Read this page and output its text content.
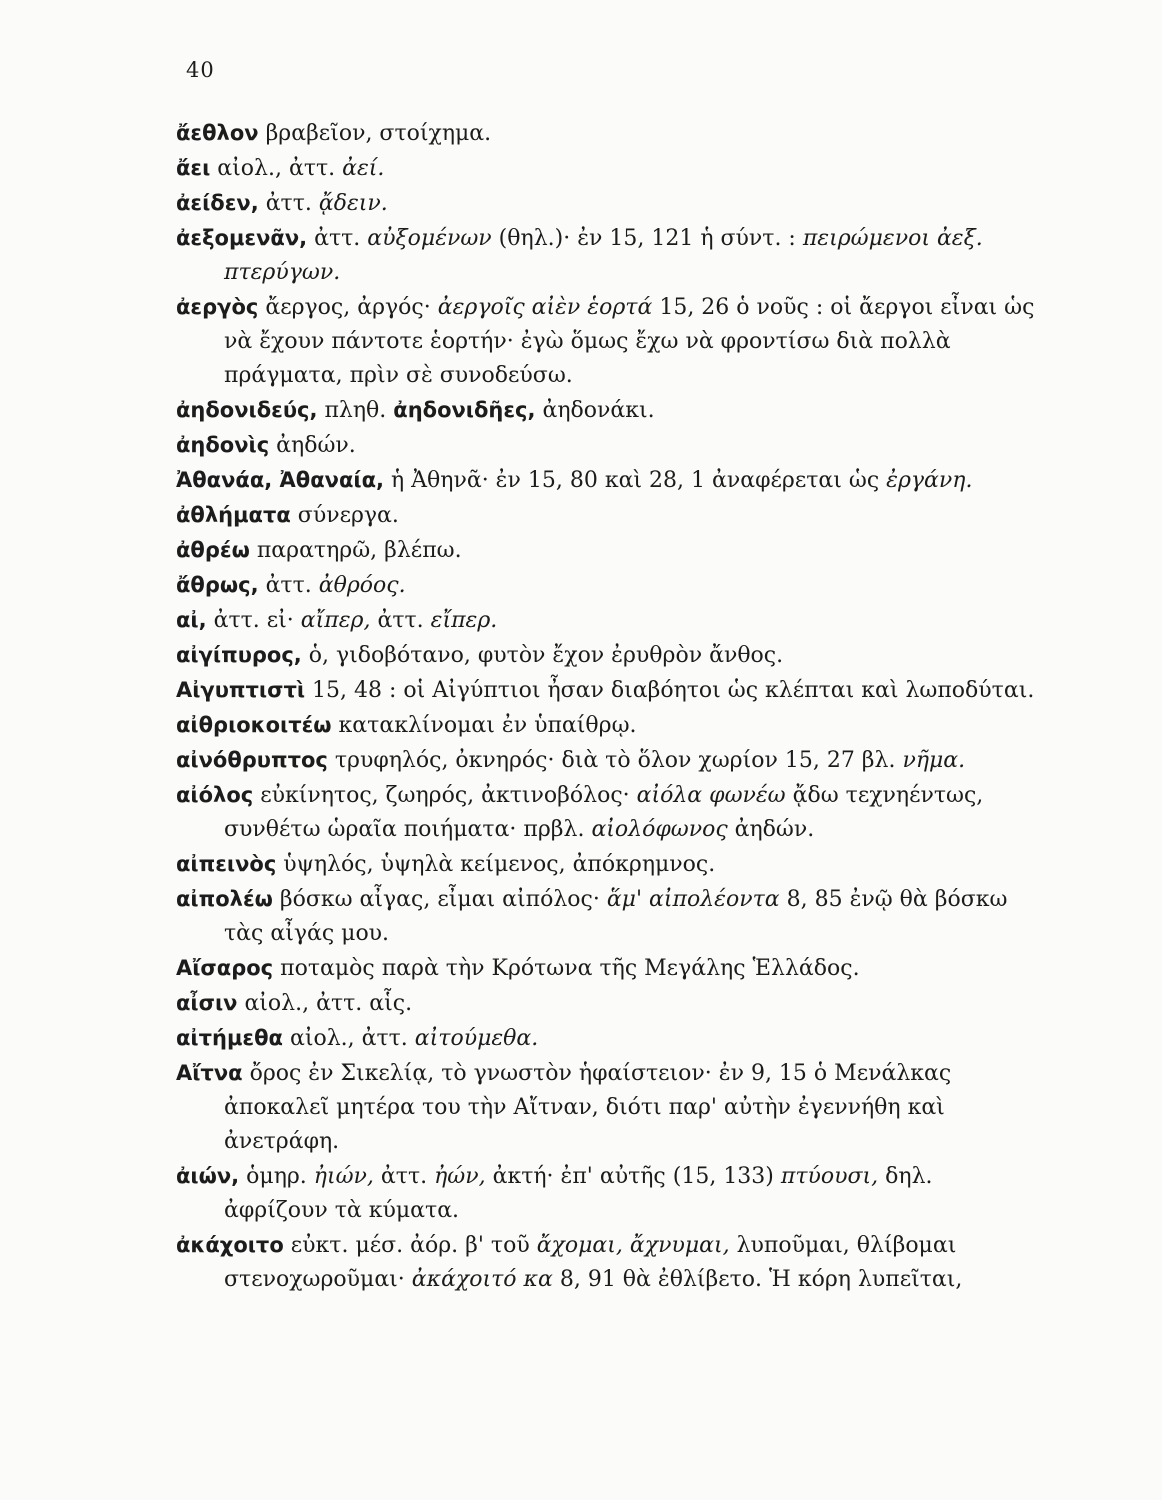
40

ἄεθλον βραβεῖον, στοίχημα.

ἄει αἰολ., ἀττ. ἀεί.

ἀείδεν, ἀττ. ᾄδειν.

ἀεξομενᾶν, ἀττ. αὐξομένων (θηλ.)· ἐν 15, 121 ἡ σύντ. : πειρώμενοι ἀεξ. πτερύγων.

ἀεργὸς ἄεργος, ἀργός· ἀεργοῖς αἰὲν ἑορτά 15, 26 ὁ νοῦς : οἱ ἄεργοι εἶναι ὡς νὰ ἔχουν πάντοτε ἑορτήν· ἐγὼ ὅμως ἔχω νὰ φροντίσω διὰ πολλὰ πράγματα, πρὶν σὲ συνοδεύσω.

ἀηδονιδεύς, πληθ. ἀηδονιδῆες, ἀηδονάκι.

ἀηδονὶς ἀηδών.

Ἀθανάα, Ἀθαναία, ἡ Ἀθηνᾶ· ἐν 15, 80 καὶ 28, 1 ἀναφέρεται ὡς ἐργάνη.

ἀθλήματα σύνεργα.

ἀθρέω παρατηρῶ, βλέπω.

ἄθρως, ἀττ. ἀθρόος.

αἰ, ἀττ. εἰ· αἴπερ, ἀττ. εἴπερ.

αἰγίπυρος, ὁ, γιδοβότανο, φυτὸν ἔχον ἐρυθρὸν ἄνθος.

Αἰγυπτιστὶ 15, 48 : οἱ Αἰγύπτιοι ἦσαν διαβόητοι ὡς κλέπται καὶ λωποδύται.

αἰθριοκοιτέω κατακλίνομαι ἐν ὑπαίθρῳ.

αἰνόθρυπτος τρυφηλός, ὀκνηρός· διὰ τὸ ὅλον χωρίον 15, 27 βλ. νῆμα.

αἰόλος εὐκίνητος, ζωηρός, ἀκτινοβόλος· αἰόλα φωνέω ᾄδω τεχνηέντως, συνθέτω ὡραῖα ποιήματα· πρβλ. αἰολόφωνος ἀηδών.

αἰπεινὸς ὑψηλός, ὑψηλὰ κείμενος, ἀπόκρημνος.

αἰπολέω βόσκω αἶγας, εἶμαι αἰπόλος· ἅμ' αἰπολέοντα 8, 85 ἐνῷ θὰ βόσκω τὰς αἶγάς μου.

Αἴσαρος ποταμὸς παρὰ τὴν Κρότωνα τῆς Μεγάλης Ἑλλάδος.

αἶσιν αἰολ., ἀττ. αἷς.

αἰτήμεθα αἰολ., ἀττ. αἰτούμεθα.

Αἴτνα ὄρος ἐν Σικελίᾳ, τὸ γνωστὸν ἡφαίστειον· ἐν 9, 15 ὁ Μενάλκας ἀποκαλεῖ μητέρα του τὴν Αἴτναν, διότι παρ' αὐτὴν ἐγεννήθη καὶ ἀνετράφη.

ἀιών, ὁμηρ. ἠιών, ἀττ. ἠών, ἀκτή· ἐπ' αὐτῆς (15, 133) πτύουσι, δηλ. ἀφρίζουν τὰ κύματα.

ἀκάχοιτο εὐκτ. μέσ. ἀόρ. β' τοῦ ἄχομαι, ἄχνυμαι, λυποῦμαι, θλίβομαι στενοχωροῦμαι· ἀκάχοιτό κα 8, 91 θὰ ἐθλίβετο. Ἡ κόρη λυπεῖται,
